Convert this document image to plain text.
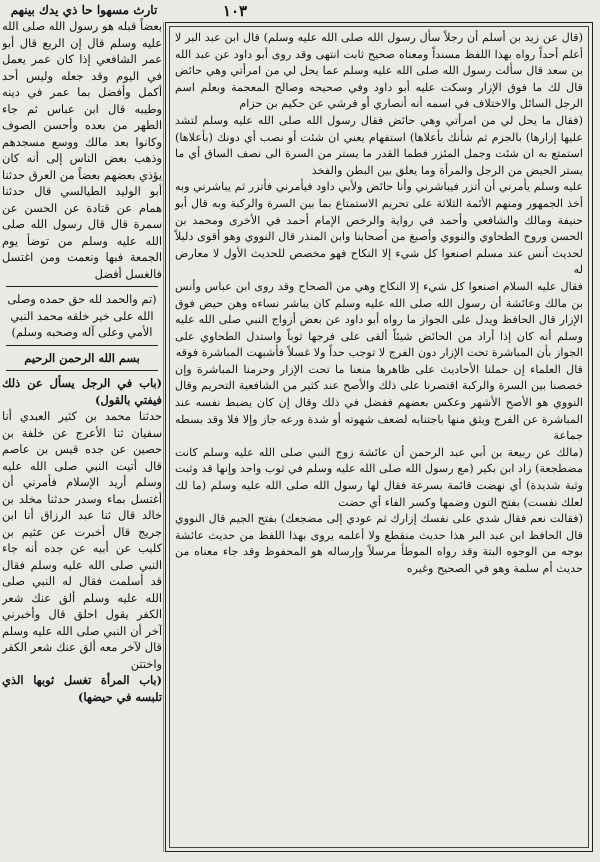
تارث مسهوا حا ذي يدك بينهم	١٠٣

بعضاً قبله هو رسول الله صلى الله عليه وسلم قال إن الربع قال أبو عمر الشافعي إذا كان عمر يعمل في اليوم وقد جعله وليس أحد أكمل وأفضل بما عمر في دينه وطيبه قال ابن عباس ثم جاء الطهر من بعده وأحسن الصوف وكانوا بعد مالك ووسع مسجدهم وذهب بعض الناس إلى أنه كان يؤذي بعضهم بعضاً من العرق حدثنا أبو الوليد الطيالسي قال حدثنا همام عن قتادة عن الحسن عن سمرة قال قال رسول الله صلى الله عليه وسلم من توضأ يوم الجمعة فبها ونعمت ومن اغتسل فالغسل أفضل

(تم والحمد لله حق حمده وصلى الله على خير خلقه محمد النبي الأمي وعلى آله وصحبه وسلم)

بسم الله الرحمن الرحيم

(باب في الرجل يسأل عن ذلك فيفتي بالقول)

حدثنا محمد بن كثير العبدي أنا سفيان ثنا الأعرج عن خلفة بن حصين عن جده قيس بن عاصم قال أتيت النبي صلى الله عليه وسلم أريد الإسلام فأمرني أن أغتسل بماء وسدر حدثنا مخلد بن خالد قال ثنا عبد الرزاق أنا ابن جريج قال أخبرت عن عثيم بن كليب عن أبيه عن جده أنه جاء النبي صلى الله عليه وسلم فقال قد أسلمت فقال له النبي صلى الله عليه وسلم ألق عنك شعر الكفر يقول احلق قال وأخبرني آخر أن النبي صلى الله عليه وسلم قال لآخر معه ألق عنك شعر الكفر واختتن

(باب المرأة تغسل ثوبها الذي تلبسه في حيضها)

(قال عن زيد بن أسلم أن رجلاً سأل رسول الله صلى الله عليه وسلم) قال ابن عبد البر لا أعلم أحداً رواه بهذا اللفظ مسنداً ومعناه صحيح ثابت انتهى وقد روى أبو داود عن عبد الله بن سعد قال سألت رسول الله صلى الله عليه وسلم عما يحل لي من امرأتي وهي حائض قال لك ما فوق الإزار وسكت عليه أبو داود وفي صحيحه وصالح المعجمة وبعلم اسم الرجل السائل والاختلاف في اسمه أنه أنصاري أو قرشي عن حكيم بن حزام

(فقال ما يحل لي من امرأتي وهي حائض فقال رسول الله صلى الله عليه وسلم لتشد عليها إزارها) بالجزم ثم شأنك بأعلاها) استفهام يعني ان شئت أو نصب أي دونك (بأعلاها) استمتع به ان شئت وجمل المئزر فطما القدر ما يستر من السرة الى نصف الساق أي ما يستر الحيض من الرجل والمرأة وما يعلق بين البطن والفخذ

عليه وسلم يأمرني أن أتزر فيباشرني وأنا حائض ولأبي داود فيأمرني فأتزر ثم يباشرني وبه أخذ الجمهور ومنهم الأئمة الثلاثة على تحريم الاستمتاع بما بين السرة والركبة وبه قال أبو حنيفة ومالك والشافعي وأحمد في رواية والرخص الإمام أحمد في الأخرى ومحمد بن الحسن وروح الطحاوي والنووي وأصبغ من أصحابنا وابن المنذر قال النووي وهو أقوى دليلاً لحديث أنس عند مسلم اصنعوا كل شيء إلا النكاح فهو مخصص للحديث الأول لا معارض له

فقال عليه السلام اصنعوا كل شيء إلا النكاح وهي من الصحاح وقد روى ابن عباس وأنس بن مالك وعائشة أن رسول الله صلى الله عليه وسلم كان يباشر نساءه وهن حيض فوق الإزار قال الحافظ ويدل على الجواز ما رواه أبو داود عن بعض أزواج النبي صلى الله عليه وسلم أنه كان إذا أراد من الحائض شيئاً ألقى على فرجها ثوباً واستدل الطحاوي على الجواز بأن المباشرة تحت الإزار دون الفرج لا توجب حداً ولا غسلاً فأشبهت المباشرة فوقه

قال العلماء إن حملنا الأحاديث على ظاهرها منعنا ما تحت الإزار وحرمنا المباشرة وإن خصصنا بين السرة والركبة اقتصرنا على ذلك والأصح عند كثير من الشافعية التحريم وقال النووي هو الأصح الأشهر وعكس بعضهم ففضل في ذلك وقال إن كان يضبط نفسه عند المباشرة عن الفرج ويثق منها باجتنابه لضعف شهوته أو شدة ورعه جاز وإلا فلا وقد بسطه جماعة

(مالك عن ربيعة بن أبي عبد الرحمن أن عائشة زوج النبي صلى الله عليه وسلم كانت مضطجعة) زاد ابن بكير (مع رسول الله صلى الله عليه وسلم في ثوب واحد وإنها قد وثبت وثبة شديدة) أي نهضت قائمة بسرعة فقال لها رسول الله صلى الله عليه وسلم (ما لك لعلك نفست) بفتح النون وضمها وكسر الفاء أي حضت

(فقالت نعم فقال شدي على نفسك إزارك ثم عودي إلى مضجعك) بفتح الجيم قال النووي قال الحافظ ابن عبد البر هذا حديث منقطع ولا أعلمه يروى بهذا اللفظ من حديث عائشة بوجه من الوجوه البتة وقد رواه الموطأ مرسلاً وإرساله هو المحفوظ وقد جاء معناه من حديث أم سلمة وهو في الصحيح وغيره
